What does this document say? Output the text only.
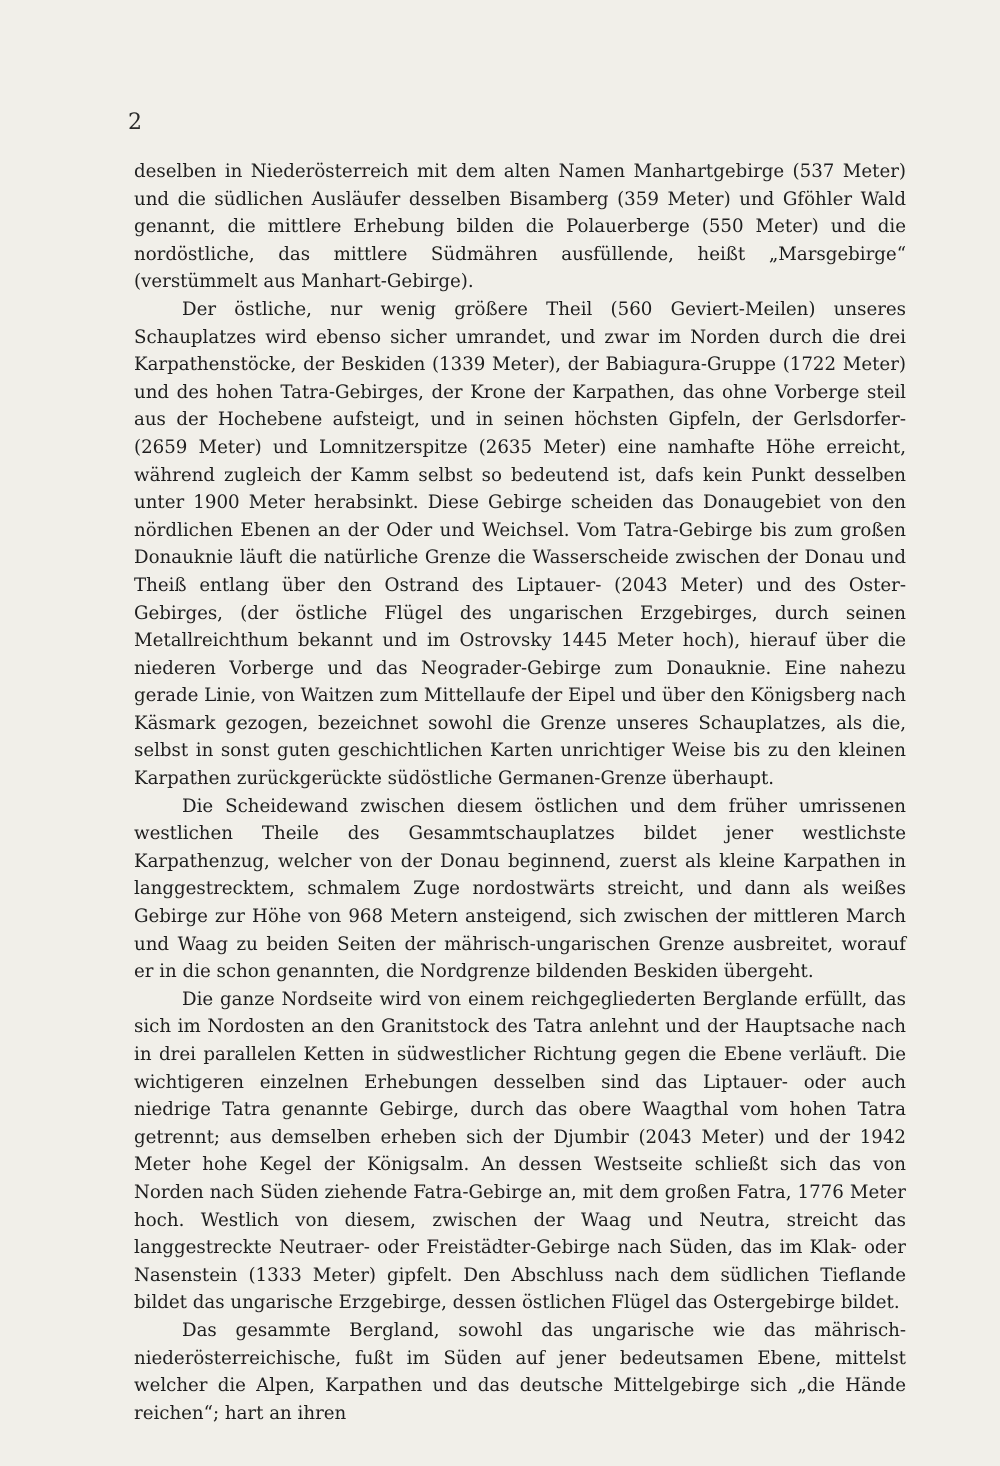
2

deselben in Niederösterreich mit dem alten Namen Manhartgebirge (537 Meter) und die südlichen Ausläufer desselben Bisamberg (359 Meter) und Gföhler Wald genannt, die mittlere Erhebung bilden die Polauerberge (550 Meter) und die nordöstliche, das mittlere Südmähren ausfüllende, heißt „Marsgebirge“ (verstümmelt aus Manhart-Gebirge).

Der östliche, nur wenig größere Theil (560 Geviert-Meilen) unseres Schauplatzes wird ebenso sicher umrandet, und zwar im Norden durch die drei Karpathenstöcke, der Beskiden (1339 Meter), der Babiagura-Gruppe (1722 Meter) und des hohen Tatra-Gebirges, der Krone der Karpathen, das ohne Vorberge steil aus der Hochebene aufsteigt, und in seinen höchsten Gipfeln, der Gerlsdorfer- (2659 Meter) und Lomnitzerspitze (2635 Meter) eine namhafte Höhe erreicht, während zugleich der Kamm selbst so bedeutend ist, dafs kein Punkt desselben unter 1900 Meter herabsinkt. Diese Gebirge scheiden das Donaugebiet von den nördlichen Ebenen an der Oder und Weichsel. Vom Tatra-Gebirge bis zum großen Donauknie läuft die natürliche Grenze die Wasserscheide zwischen der Donau und Theiß entlang über den Ostrand des Liptauer- (2043 Meter) und des Oster-Gebirges, (der östliche Flügel des ungarischen Erzgebirges, durch seinen Metallreichthum bekannt und im Ostrovsky 1445 Meter hoch), hierauf über die niederen Vorberge und das Neograder-Gebirge zum Donauknie. Eine nahezu gerade Linie, von Waitzen zum Mittellaufe der Eipel und über den Königsberg nach Käsmark gezogen, bezeichnet sowohl die Grenze unseres Schauplatzes, als die, selbst in sonst guten geschichtlichen Karten unrichtiger Weise bis zu den kleinen Karpathen zurückgerückte südöstliche Germanen-Grenze überhaupt.

Die Scheidewand zwischen diesem östlichen und dem früher umrissenen westlichen Theile des Gesammtschauplatzes bildet jener westlichste Karpathenzug, welcher von der Donau beginnend, zuerst als kleine Karpathen in langgestrecktem, schmalem Zuge nordostwärts streicht, und dann als weißes Gebirge zur Höhe von 968 Metern ansteigend, sich zwischen der mittleren March und Waag zu beiden Seiten der mährisch-ungarischen Grenze ausbreitet, worauf er in die schon genannten, die Nordgrenze bildenden Beskiden übergeht.

Die ganze Nordseite wird von einem reichgegliederten Berglande erfüllt, das sich im Nordosten an den Granitstock des Tatra anlehnt und der Hauptsache nach in drei parallelen Ketten in südwestlicher Richtung gegen die Ebene verläuft. Die wichtigeren einzelnen Erhebungen desselben sind das Liptauer- oder auch niedrige Tatra genannte Gebirge, durch das obere Waagthal vom hohen Tatra getrennt; aus demselben erheben sich der Djumbir (2043 Meter) und der 1942 Meter hohe Kegel der Königsalm. An dessen Westseite schließt sich das von Norden nach Süden ziehende Fatra-Gebirge an, mit dem großen Fatra, 1776 Meter hoch. Westlich von diesem, zwischen der Waag und Neutra, streicht das langgestreckte Neutraer- oder Freistädter-Gebirge nach Süden, das im Klak- oder Nasenstein (1333 Meter) gipfelt. Den Abschluss nach dem südlichen Tieflande bildet das ungarische Erzgebirge, dessen östlichen Flügel das Ostergebirge bildet.

Das gesammte Bergland, sowohl das ungarische wie das mährisch-niederösterreichische, fußt im Süden auf jener bedeutsamen Ebene, mittelst welcher die Alpen, Karpathen und das deutsche Mittelgebirge sich „die Hände reichen“; hart an ihren
